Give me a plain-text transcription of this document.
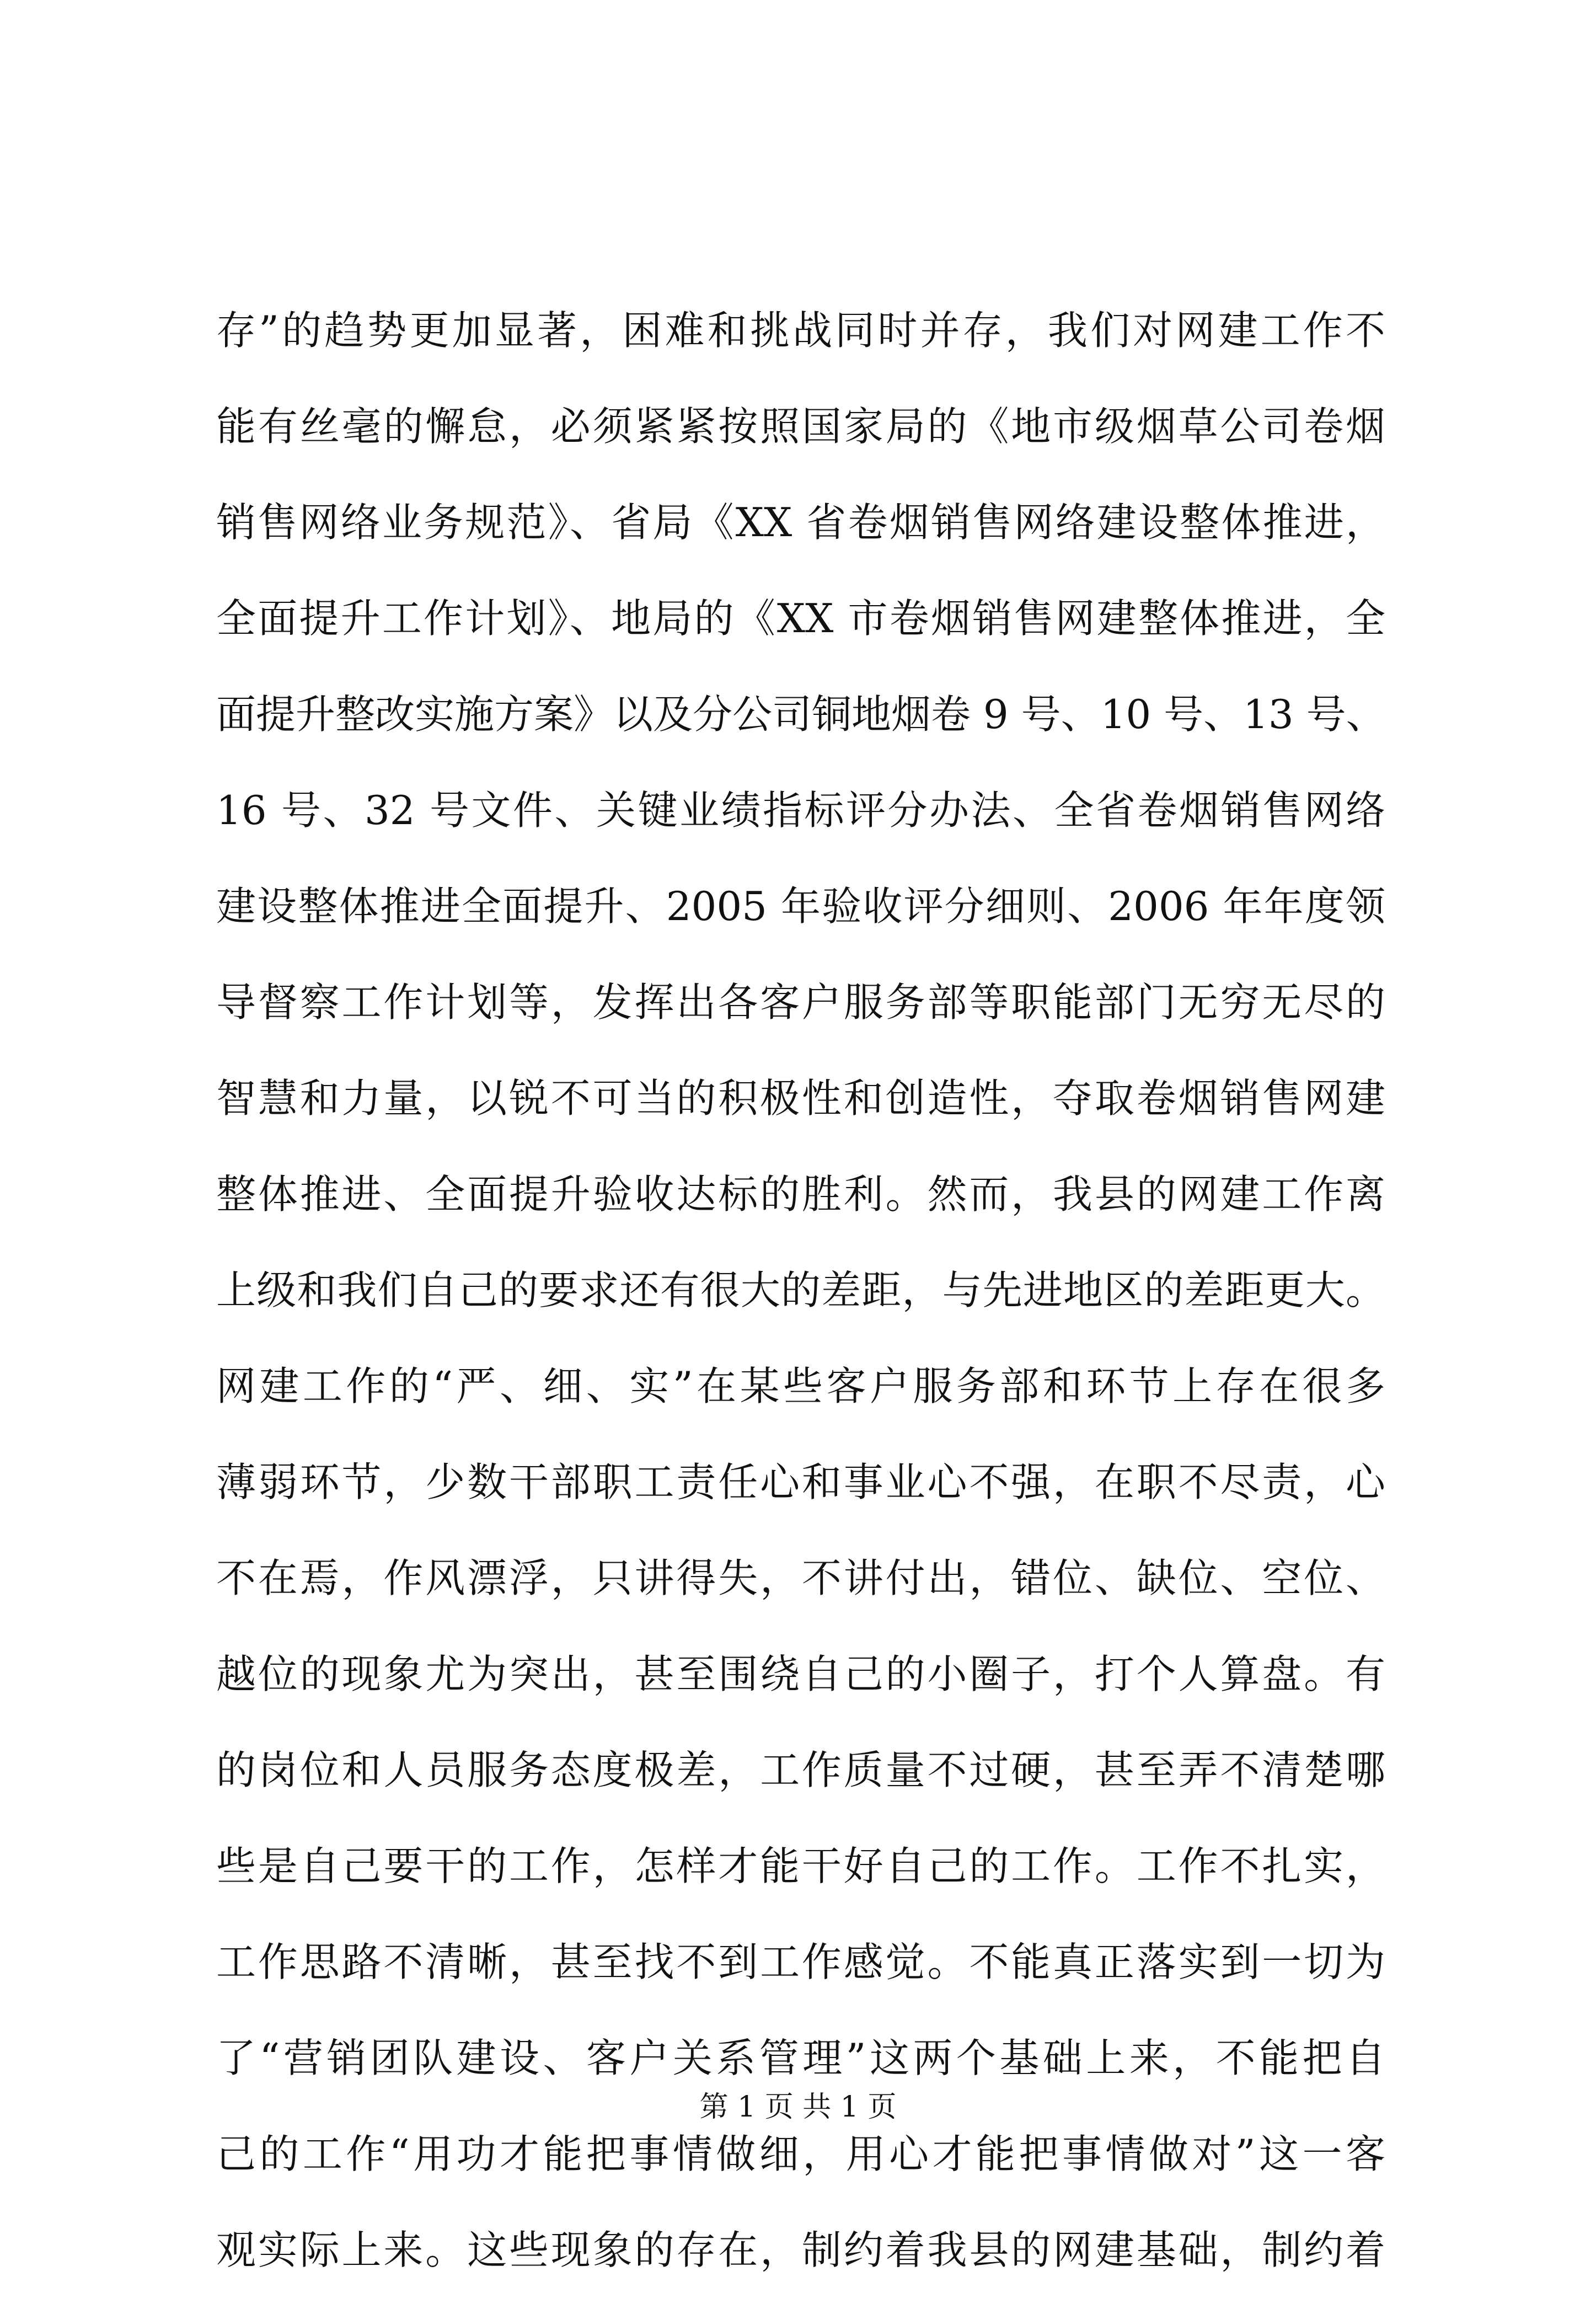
存”的趋势更加显著，困难和挑战同时并存，我们对网建工作不
能有丝毫的懈怠，必须紧紧按照国家局的《地市级烟草公司卷烟
销售网络业务规范》、省局《XX 省卷烟销售网络建设整体推进，
全面提升工作计划》、地局的《XX 市卷烟销售网建整体推进，全
面提升整改实施方案》以及分公司铜地烟卷 9 号、10 号、13 号、
16 号、32 号文件、关键业绩指标评分办法、全省卷烟销售网络
建设整体推进全面提升、2005 年验收评分细则、2006 年年度领
导督察工作计划等，发挥出各客户服务部等职能部门无穷无尽的
智慧和力量，以锐不可当的积极性和创造性，夺取卷烟销售网建
整体推进、全面提升验收达标的胜利。然而，我县的网建工作离
上级和我们自己的要求还有很大的差距，与先进地区的差距更大。
网建工作的“严、细、实”在某些客户服务部和环节上存在很多
薄弱环节，少数干部职工责任心和事业心不强，在职不尽责，心
不在焉，作风漂浮，只讲得失，不讲付出，错位、缺位、空位、
越位的现象尤为突出，甚至围绕自己的小圈子，打个人算盘。有
的岗位和人员服务态度极差，工作质量不过硬，甚至弄不清楚哪
些是自己要干的工作，怎样才能干好自己的工作。工作不扎实，
工作思路不清晰，甚至找不到工作感觉。不能真正落实到一切为
了“营销团队建设、客户关系管理”这两个基础上来，不能把自
己的工作“用功才能把事情做细，用心才能把事情做对”这一客
观实际上来。这些现象的存在，制约着我县的网建基础，制约着
第 1 页 共 1 页
